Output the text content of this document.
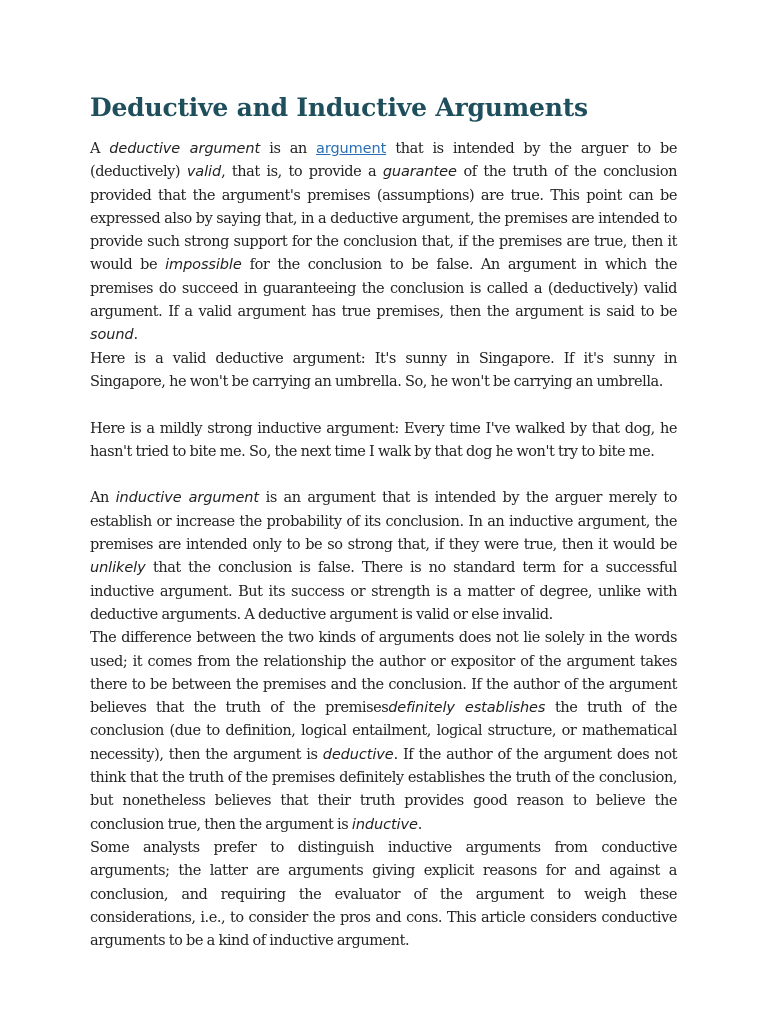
Deductive and Inductive Arguments

A deductive argument is an argument that is intended by the arguer to be (deductively) valid, that is, to provide a guarantee of the truth of the conclusion provided that the argument's premises (assumptions) are true. This point can be expressed also by saying that, in a deductive argument, the premises are intended to provide such strong support for the conclusion that, if the premises are true, then it would be impossible for the conclusion to be false. An argument in which the premises do succeed in guaranteeing the conclusion is called a (deductively) valid argument. If a valid argument has true premises, then the argument is said to be sound.

Here is a valid deductive argument: It's sunny in Singapore. If it's sunny in Singapore, he won't be carrying an umbrella. So, he won't be carrying an umbrella.

Here is a mildly strong inductive argument: Every time I've walked by that dog, he hasn't tried to bite me. So, the next time I walk by that dog he won't try to bite me.

An inductive argument is an argument that is intended by the arguer merely to establish or increase the probability of its conclusion. In an inductive argument, the premises are intended only to be so strong that, if they were true, then it would be unlikely that the conclusion is false. There is no standard term for a successful inductive argument. But its success or strength is a matter of degree, unlike with deductive arguments. A deductive argument is valid or else invalid.

The difference between the two kinds of arguments does not lie solely in the words used; it comes from the relationship the author or expositor of the argument takes there to be between the premises and the conclusion. If the author of the argument believes that the truth of the premisesdefinitely establishes the truth of the conclusion (due to definition, logical entailment, logical structure, or mathematical necessity), then the argument is deductive. If the author of the argument does not think that the truth of the premises definitely establishes the truth of the conclusion, but nonetheless believes that their truth provides good reason to believe the conclusion true, then the argument is inductive.

Some analysts prefer to distinguish inductive arguments from conductive arguments; the latter are arguments giving explicit reasons for and against a conclusion, and requiring the evaluator of the argument to weigh these considerations, i.e., to consider the pros and cons. This article considers conductive arguments to be a kind of inductive argument.
